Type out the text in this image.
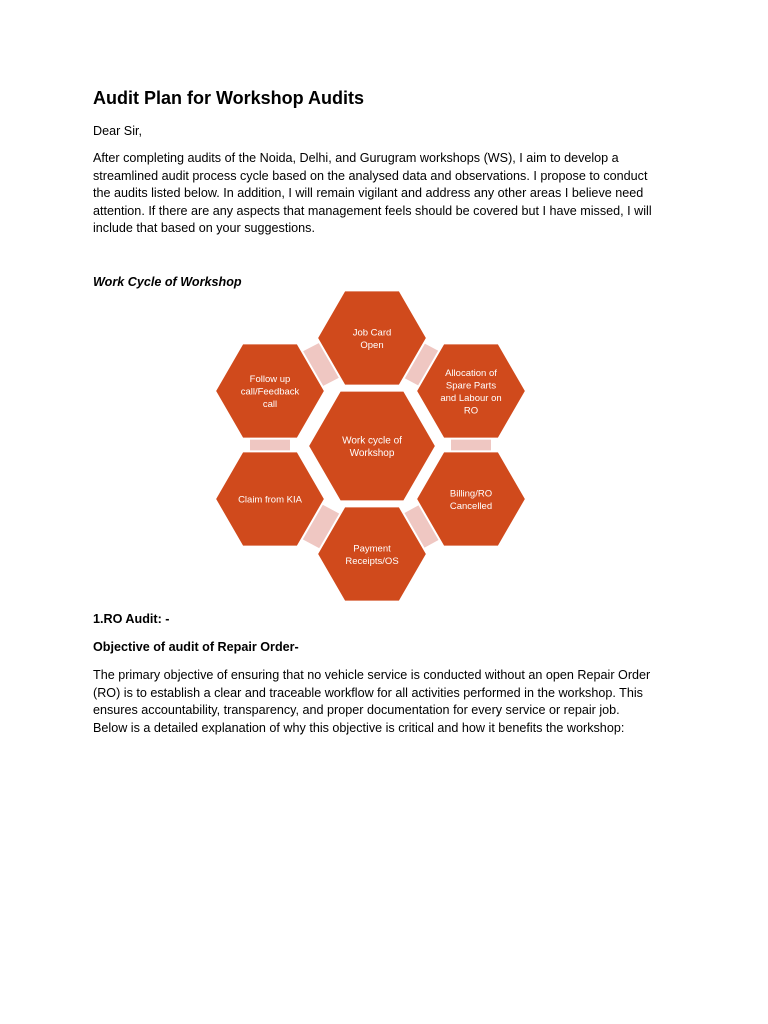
Audit Plan for Workshop Audits

Dear Sir,

After completing audits of the Noida, Delhi, and Gurugram workshops (WS), I aim to develop a
streamlined audit process cycle based on the analysed data and observations. I propose to conduct
the audits listed below. In addition, I will remain vigilant and address any other areas I believe need
attention. If there are any aspects that management feels should be covered but I have missed, I will
include that based on your suggestions.

Work Cycle of Workshop

Work cycle of
Workshop
Job Card
Open
Allocation of
Spare Parts
and Labour on
RO
Billing/RO
Cancelled
Payment
Receipts/OS
Claim from KIA
Follow up
call/Feedback
call

1.RO Audit: -

Objective of audit of Repair Order-

The primary objective of ensuring that no vehicle service is conducted without an open Repair Order
(RO) is to establish a clear and traceable workflow for all activities performed in the workshop. This
ensures accountability, transparency, and proper documentation for every service or repair job.
Below is a detailed explanation of why this objective is critical and how it benefits the workshop:
